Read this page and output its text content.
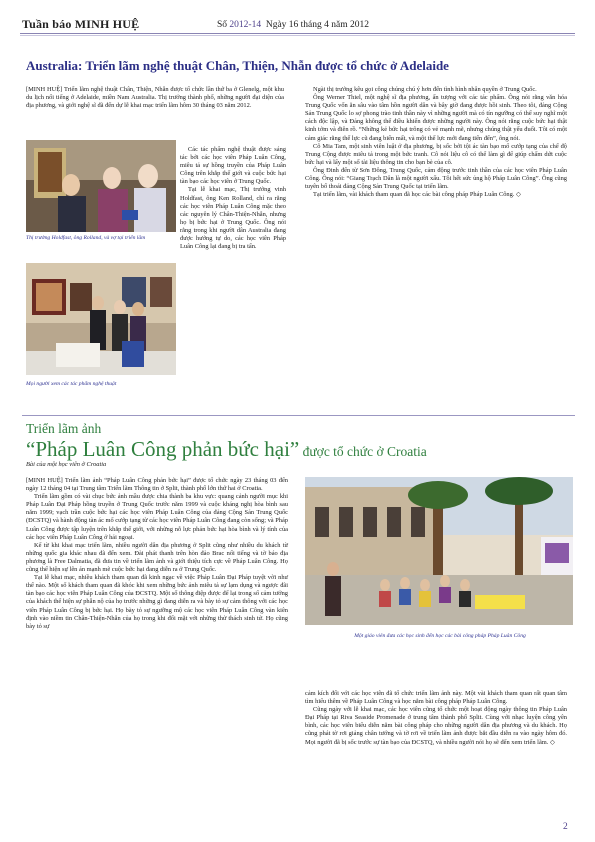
Tuần báo MINH HUỆ	Số 2012-14 Ngày 16 tháng 4 năm 2012
Australia: Triển lãm nghệ thuật Chân, Thiện, Nhẫn được tổ chức ở Adelaide

[MINH HUỆ] Triển lãm nghệ thuật Chân, Thiện, Nhẫn được tổ chức lần thứ ba ở Glenelg, một khu du lịch nổi tiếng ở Adelaide, miền Nam Australia. Thị trưởng thành phố, những người đại diện của địa phương, và giới nghệ sĩ đã đến dự lễ khai mạc triển lãm hôm 30 tháng 03 năm 2012.

Thị trưởng Holdfast, ông Rolland, và vợ tại triển lãm

Mọi người xem các tác phẩm nghệ thuật

Các tác phẩm nghệ thuật được sáng tác bởi các học viên Pháp Luân Công, miêu tả sự hồng truyền của Pháp Luân Công trên khắp thế giới và cuộc bức hại tàn bạo các học viên ở Trung Quốc.

Tại lễ khai mạc, Thị trưởng vinh Holdfast, ông Ken Rolland, chỉ ra rằng các học viên Pháp Luân Công mặc theo các nguyên lý Chân-Thiện-Nhẫn, nhưng họ bị bức hại ở Trung Quốc. Ông nói rằng trong khi người dân Australia đang được hưởng tự do, các học viên Pháp Luân Công lại đang bị tra tấn.

Ngài thị trưởng kêu gọi công chúng chú ý hơn đến tình hình nhân quyền ở Trung Quốc.

Ông Werner Thiel, một nghệ sĩ địa phương, ấn tượng với các tác phẩm. Ông nói rằng văn hóa Trung Quốc vốn ăn sâu vào tâm hồn người dân và bây giờ đang được hồi sinh. Theo tôi, đảng Cộng Sản Trung Quốc lo sợ phong trào tinh thần này vì những người mà có tín ngưỡng có thể suy nghĩ một cách độc lập, và Đảng không thể điều khiển được những người này. Ông nói rằng cuộc bức hại thật kinh tởm và điên rồ. “Những kẻ bức hại trông có vẻ mạnh mẽ, nhưng chúng thật yếu đuối. Tôi có một cảm giác rằng thế lực cũ đang biến mất, và một thế lực mới đang tiến đến”, ông nói.

Cô Mia Tam, một sinh viên luật ở địa phương, bị sốc bởi tội ác tàn bạo mổ cướp tạng của chế độ Trung Cộng được miêu tả trong một bức tranh. Cô nói liệu cô có thể làm gì để giúp chấm dứt cuộc bức hại và lấy một số tài liệu thông tin cho bạn bè của cô.

Ông Đinh đến từ Sơn Đông, Trung Quốc, cảm động trước tinh thần của các học viên Pháp Luân Công. Ông nói: “Giang Trạch Dân là một người xấu. Tôi hết sức ủng hộ Pháp Luân Công”. Ông cũng tuyên bố thoái đảng Cộng Sản Trung Quốc tại triển lãm.

Tại triển lãm, vài khách tham quan đã học các bài công pháp Pháp Luân Công. ◇

Triển lãm ảnh
“Pháp Luân Công phản bức hại” được tổ chức ở Croatia
Bài của một học viên ở Croatia

[MINH HUỆ] Triển lãm ảnh “Pháp Luân Công phản bức hại” được tổ chức ngày 23 tháng 03 đến ngày 12 tháng 04 tại Trung tâm Triển lãm Thông tin ở Split, thành phố lớn thứ hai ở Croatia.

Triển lãm gồm có vài chục bức ảnh mầu được chia thành ba khu vực: quang cảnh người mục khi Pháp Luân Đại Pháp hồng truyền ở Trung Quốc trước năm 1999 và cuộc kháng nghị hòa bình sau năm 1999; vạch trần cuộc bức hại các học viên Pháp Luân Công của đảng Cộng Sản Trung Quốc (ĐCSTQ) và hành động tàn ác mổ cướp tạng từ các học viên Pháp Luân Công đang còn sống; và Pháp Luân Công được tập luyện trên khắp thế giới, với những nỗ lực phản bức hại hòa bình và lý tính của các học viên Pháp Luân Công ở hải ngoại.

Kể từ khi khai mạc triển lãm, nhiều người dân địa phương ở Split cũng như nhiều du khách từ những quốc gia khác nhau đã đến xem. Đài phát thanh trên hòn đảo Brac nổi tiếng và tờ báo địa phương là Free Dalmatia, đã đưa tin về triển lãm ảnh và giới thiệu tích cực về Pháp Luân Công. Họ cũng thể hiện sự lên án mạnh mẽ cuộc bức hại đang diễn ra ở Trung Quốc.

Tại lễ khai mạc, nhiều khách tham quan đã kinh ngạc về việc Pháp Luân Đại Pháp tuyệt vời như thế nào. Một số khách tham quan đã khóc khi xem những bức ảnh miêu tả sự lạm dụng và ngược đãi tàn bạo các học viên Pháp Luân Công của ĐCSTQ. Một số thông điệp được để lại trong sổ cảm tưởng của khách thể hiện sự phẫn nộ của họ trước những gì đang diễn ra và bày tỏ sự cảm thông với các học viên Pháp Luân Công bị bức hại. Họ bày tỏ sự ngưỡng mộ các học viên Pháp Luân Công vàn kiên định vào niềm tin Chân-Thiện-Nhẫn của họ trong khi đối mặt với những thử thách sinh tử. Họ cũng bày tỏ sự

Một giáo viên đưa các học sinh đến học các bài công pháp Pháp Luân Công

cảm kích đối với các học viên đã tổ chức triển lãm ảnh này. Một vài khách tham quan rất quan tâm tìm hiểu thêm về Pháp Luân Công và học nằm bài công pháp Pháp Luân Công.

Cũng ngày với lễ khai mạc, các học viên cũng tổ chức một hoạt động ngày thông tin Pháp Luân Đại Pháp tại Riva Seaside Promenade ở trung tâm thành phố Split. Cùng với nhạc luyện công yên bình, các học viên biểu diễn năm bài công pháp cho những người dân địa phương và du khách. Họ cũng phát tờ rơi giảng chân tướng và tờ rơi về triển lãm ảnh được bắt đầu diễn ra vào ngày hôm đó. Mọi người đã bị sốc trước sự tàn bạo của ĐCSTQ, và nhiều người nói họ sẽ đến xem triển lãm. ◇

2
